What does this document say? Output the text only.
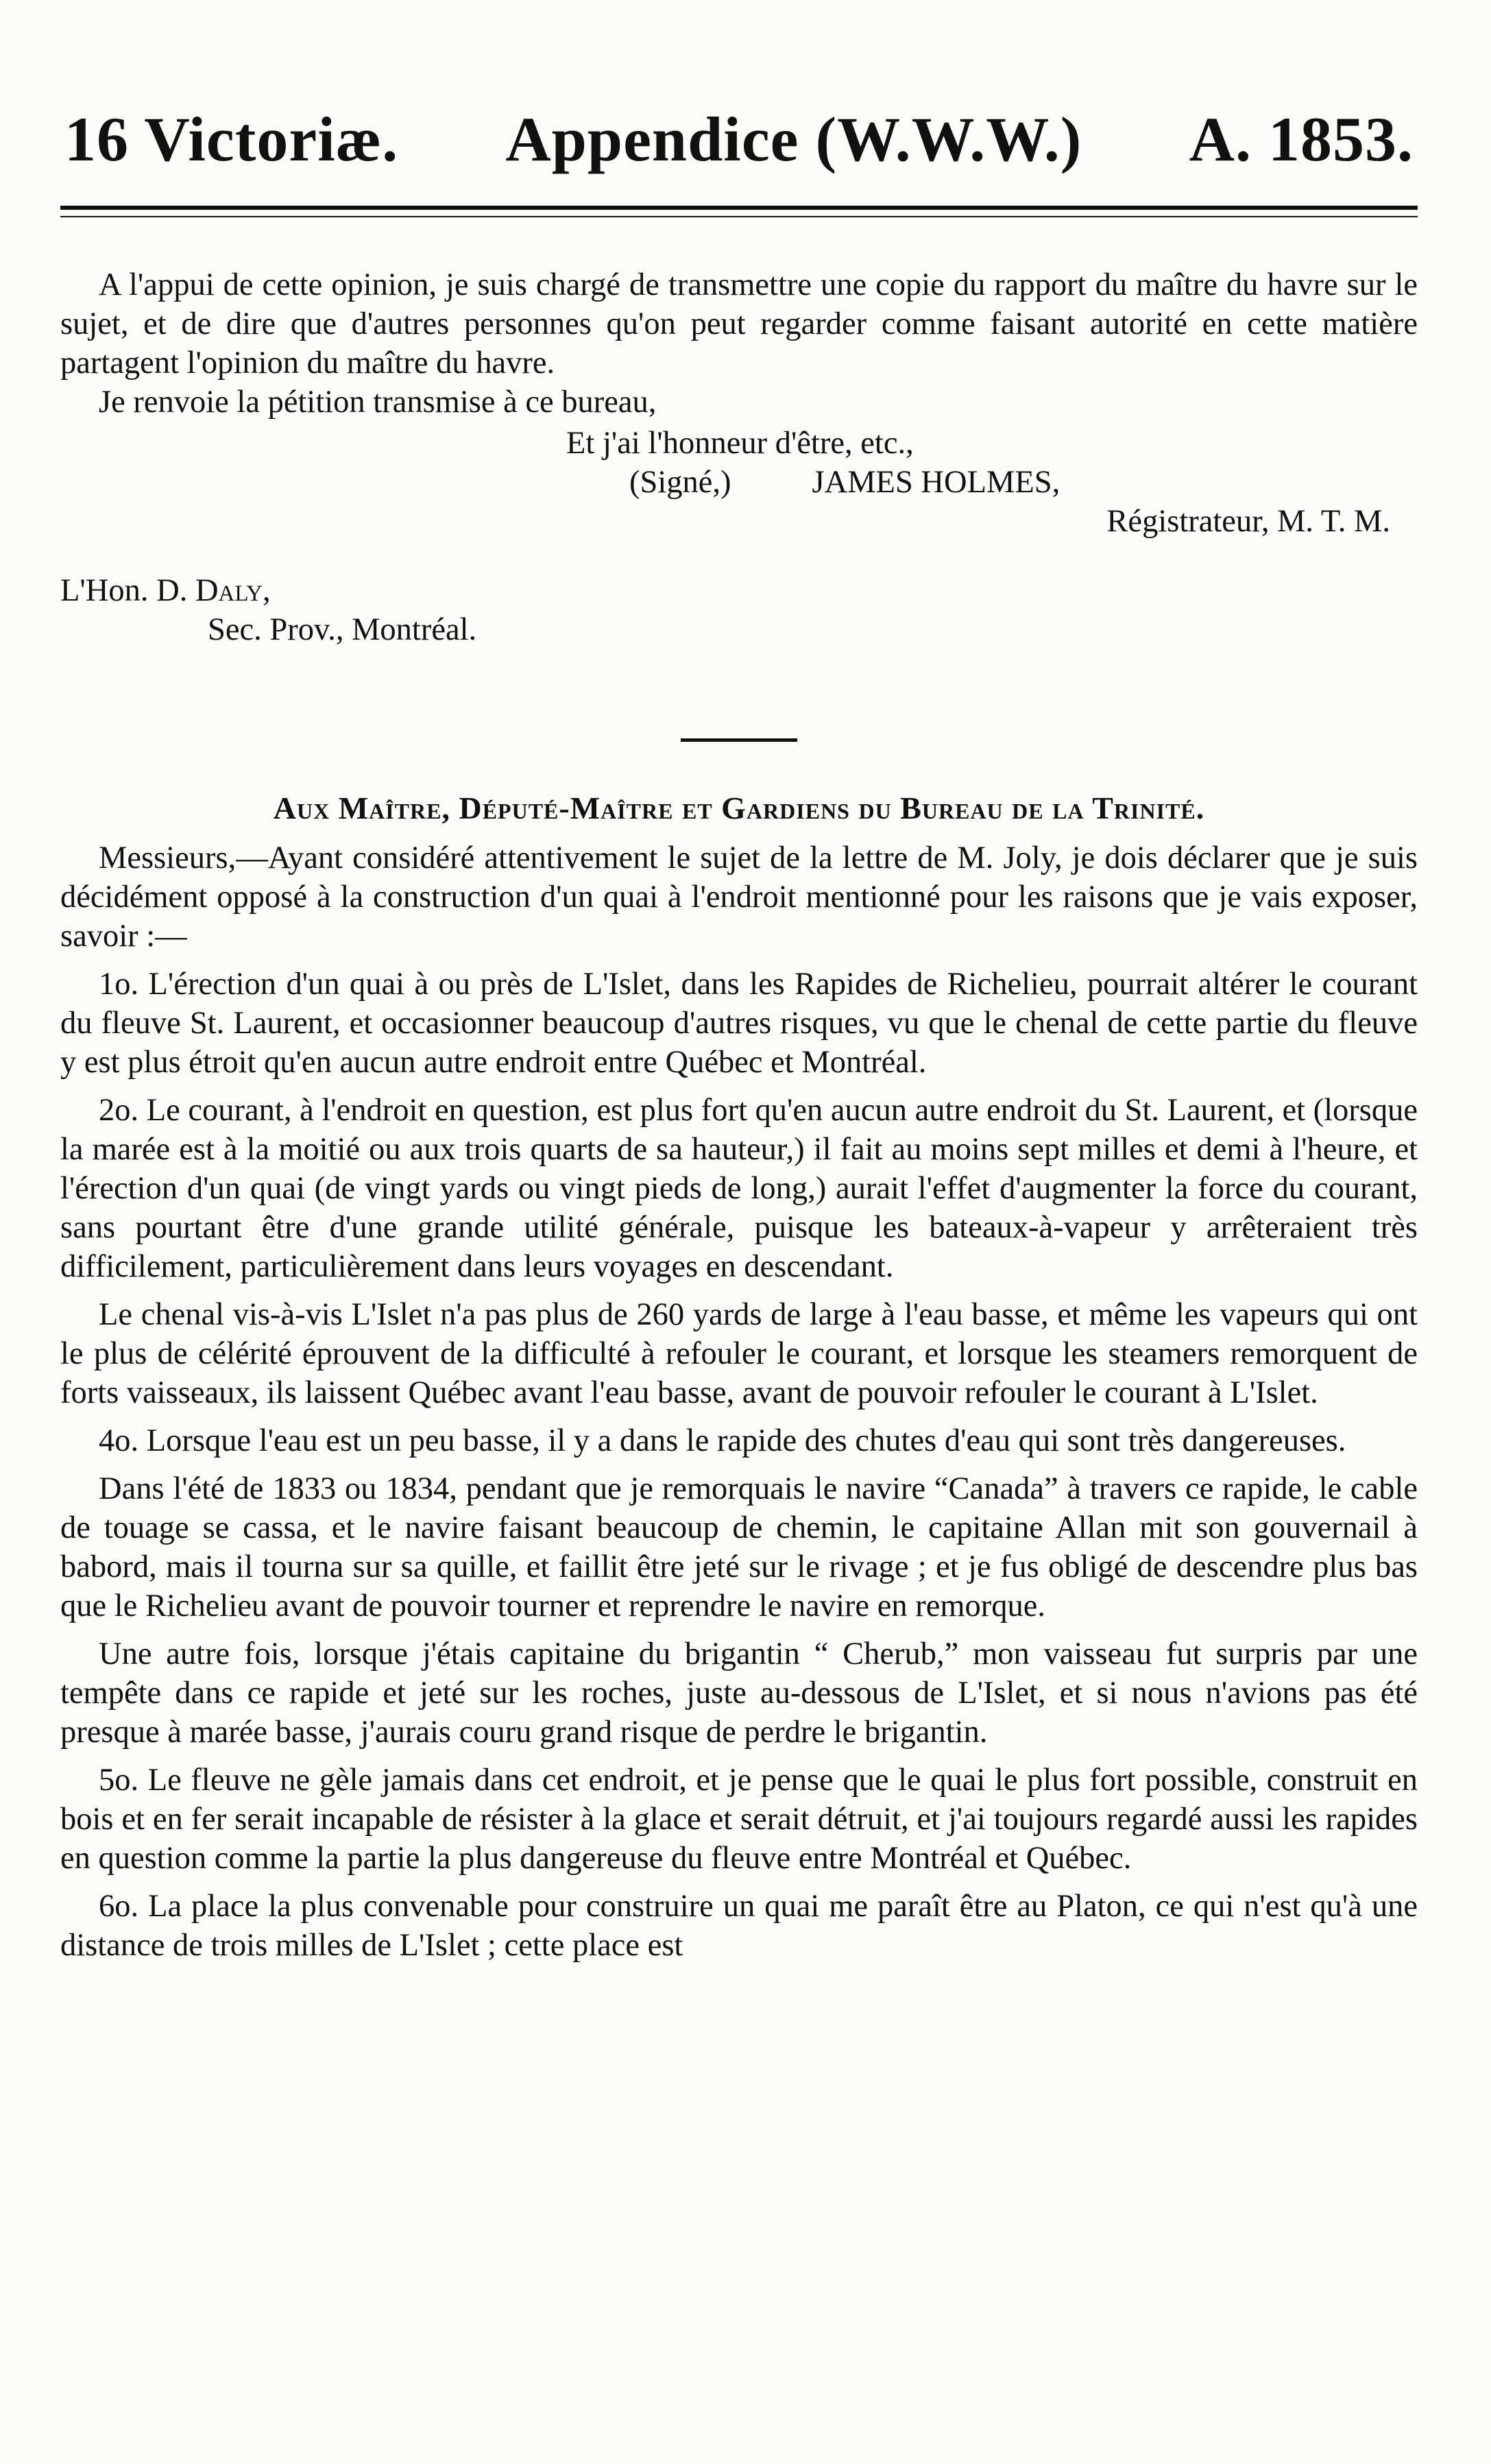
16 Victoriæ. Appendice (W.W.W.) A. 1853.

A l'appui de cette opinion, je suis chargé de transmettre une copie du rapport du maître du havre sur le sujet, et de dire que d'autres personnes qu'on peut regarder comme faisant autorité en cette matière partagent l'opinion du maître du havre.

Je renvoie la pétition transmise à ce bureau,

Et j'ai l'honneur d'être, etc.,

(Signé,)	JAMES HOLMES,

Régistrateur, M. T. M.

L'Hon. D. Daly,

Sec. Prov., Montréal.

Aux Maître, Député-Maître et Gardiens du Bureau de la Trinité.

Messieurs,—Ayant considéré attentivement le sujet de la lettre de M. Joly, je dois déclarer que je suis décidément opposé à la construction d'un quai à l'endroit mentionné pour les raisons que je vais exposer, savoir :—

1o. L'érection d'un quai à ou près de L'Islet, dans les Rapides de Richelieu, pourrait altérer le courant du fleuve St. Laurent, et occasionner beaucoup d'autres risques, vu que le chenal de cette partie du fleuve y est plus étroit qu'en aucun autre endroit entre Québec et Montréal.

2o. Le courant, à l'endroit en question, est plus fort qu'en aucun autre endroit du St. Laurent, et (lorsque la marée est à la moitié ou aux trois quarts de sa hauteur,) il fait au moins sept milles et demi à l'heure, et l'érection d'un quai (de vingt yards ou vingt pieds de long,) aurait l'effet d'augmenter la force du courant, sans pourtant être d'une grande utilité générale, puisque les bateaux-à-vapeur y arrêteraient très difficilement, particulièrement dans leurs voyages en descendant.

Le chenal vis-à-vis L'Islet n'a pas plus de 260 yards de large à l'eau basse, et même les vapeurs qui ont le plus de célérité éprouvent de la difficulté à refouler le courant, et lorsque les steamers remorquent de forts vaisseaux, ils laissent Québec avant l'eau basse, avant de pouvoir refouler le courant à L'Islet.

4o. Lorsque l'eau est un peu basse, il y a dans le rapide des chutes d'eau qui sont très dangereuses.

Dans l'été de 1833 ou 1834, pendant que je remorquais le navire “Canada” à travers ce rapide, le cable de touage se cassa, et le navire faisant beaucoup de chemin, le capitaine Allan mit son gouvernail à babord, mais il tourna sur sa quille, et faillit être jeté sur le rivage ; et je fus obligé de descendre plus bas que le Richelieu avant de pouvoir tourner et reprendre le navire en remorque.

Une autre fois, lorsque j'étais capitaine du brigantin “ Cherub,” mon vaisseau fut surpris par une tempête dans ce rapide et jeté sur les roches, juste au-dessous de L'Islet, et si nous n'avions pas été presque à marée basse, j'aurais couru grand risque de perdre le brigantin.

5o. Le fleuve ne gèle jamais dans cet endroit, et je pense que le quai le plus fort possible, construit en bois et en fer serait incapable de résister à la glace et serait détruit, et j'ai toujours regardé aussi les rapides en question comme la partie la plus dangereuse du fleuve entre Montréal et Québec.

6o. La place la plus convenable pour construire un quai me paraît être au Platon, ce qui n'est qu'à une distance de trois milles de L'Islet ; cette place est
